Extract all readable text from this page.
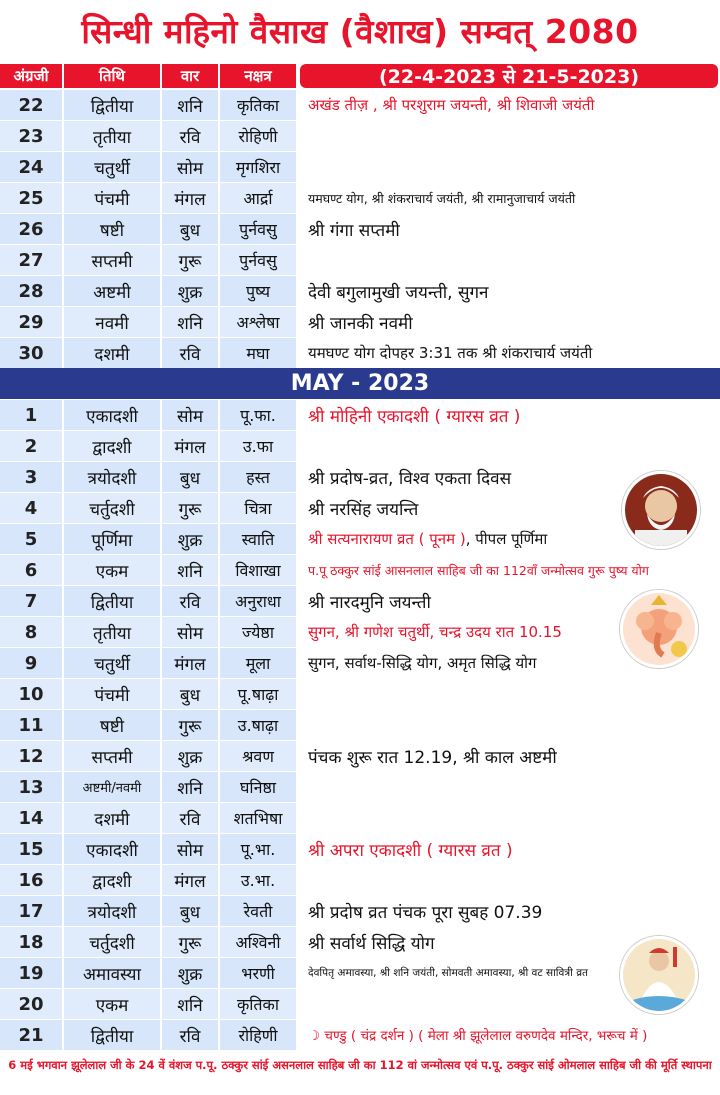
सिन्धी महिनो वैसाख (वैशाख) सम्वत् 2080
अंग्रजी	तिथि	वार	नक्षत्र	(22-4-2023 से 21-5-2023)
22	द्वितीया	शनि	कृतिका	अखंड तीज़ , श्री परशुराम जयन्ती, श्री शिवाजी जयंती
23	तृतीया	रवि	रोहिणी
24	चतुर्थी	सोम	मृगशिरा
25	पंचमी	मंगल	आर्द्रा	यमघण्ट योग, श्री शंकराचार्य जयंती, श्री रामानुजाचार्य जयंती
26	षष्टी	बुध	पुर्नवसु	श्री गंगा सप्तमी
27	सप्तमी	गुरू	पुर्नवसु
28	अष्टमी	शुक्र	पुष्य	देवी बगुलामुखी जयन्ती, सुगन
29	नवमी	शनि	अश्लेषा	श्री जानकी नवमी
30	दशमी	रवि	मघा	यमघण्ट योग दोपहर 3:31 तक श्री शंकराचार्य जयंती
MAY - 2023
1	एकादशी	सोम	पू.फा.	श्री मोहिनी एकादशी ( ग्यारस व्रत )
2	द्वादशी	मंगल	उ.फा
3	त्रयोदशी	बुध	हस्त	श्री प्रदोष-व्रत, विश्व एकता दिवस
4	चर्तुदशी	गुरू	चित्रा	श्री नरसिंह जयन्ति
5	पूर्णिमा	शुक्र	स्वाति	श्री सत्यनारायण व्रत ( पूनम ) , पीपल पूर्णिमा
6	एकम	शनि	विशाखा	प.पू ठक्कुर सांई आसनलाल साहिब जी का 112वाँ जन्मोत्सव गुरू पुष्य योग
7	द्वितीया	रवि	अनुराधा	श्री नारदमुनि जयन्ती
8	तृतीया	सोम	ज्येष्ठा	सुगन, श्री गणेश चतुर्थी, चन्द्र उदय रात 10.15
9	चतुर्थी	मंगल	मूला	सुगन, सर्वाथ-सिद्धि योग, अमृत सिद्धि योग
10	पंचमी	बुध	पू.षाढ़ा
11	षष्टी	गुरू	उ.षाढ़ा
12	सप्तमी	शुक्र	श्रवण	पंचक शुरू रात 12.19, श्री काल अष्टमी
13	अष्टमी/नवमी	शनि	घनिष्ठा
14	दशमी	रवि	शतभिषा
15	एकादशी	सोम	पू.भा.	श्री अपरा एकादशी ( ग्यारस व्रत )
16	द्वादशी	मंगल	उ.भा.
17	त्रयोदशी	बुध	रेवती	श्री प्रदोष व्रत पंचक पूरा सुबह 07.39
18	चर्तुदशी	गुरू	अश्विनी	श्री सर्वार्थ सिद्धि योग
19	अमावस्या	शुक्र	भरणी	देवपितृ अमावस्या, श्री शनि जयंती, सोमवती अमावस्या, श्री वट सावित्री व्रत
20	एकम	शनि	कृतिका
21	द्वितीया	रवि	रोहिणी	☽ चण्डु ( चंद्र दर्शन ) ( मेला श्री झूलेलाल वरुणदेव मन्दिर, भरूच में )
6 मई भगवान झूलेलाल जी के 24 वें वंशज प.पू. ठक्कुर सांई असनलाल साहिब जी का 112 वां जन्मोत्सव एवं प.पू. ठक्कुर सांई ओमलाल साहिब जी की मूर्ति स्थापना
